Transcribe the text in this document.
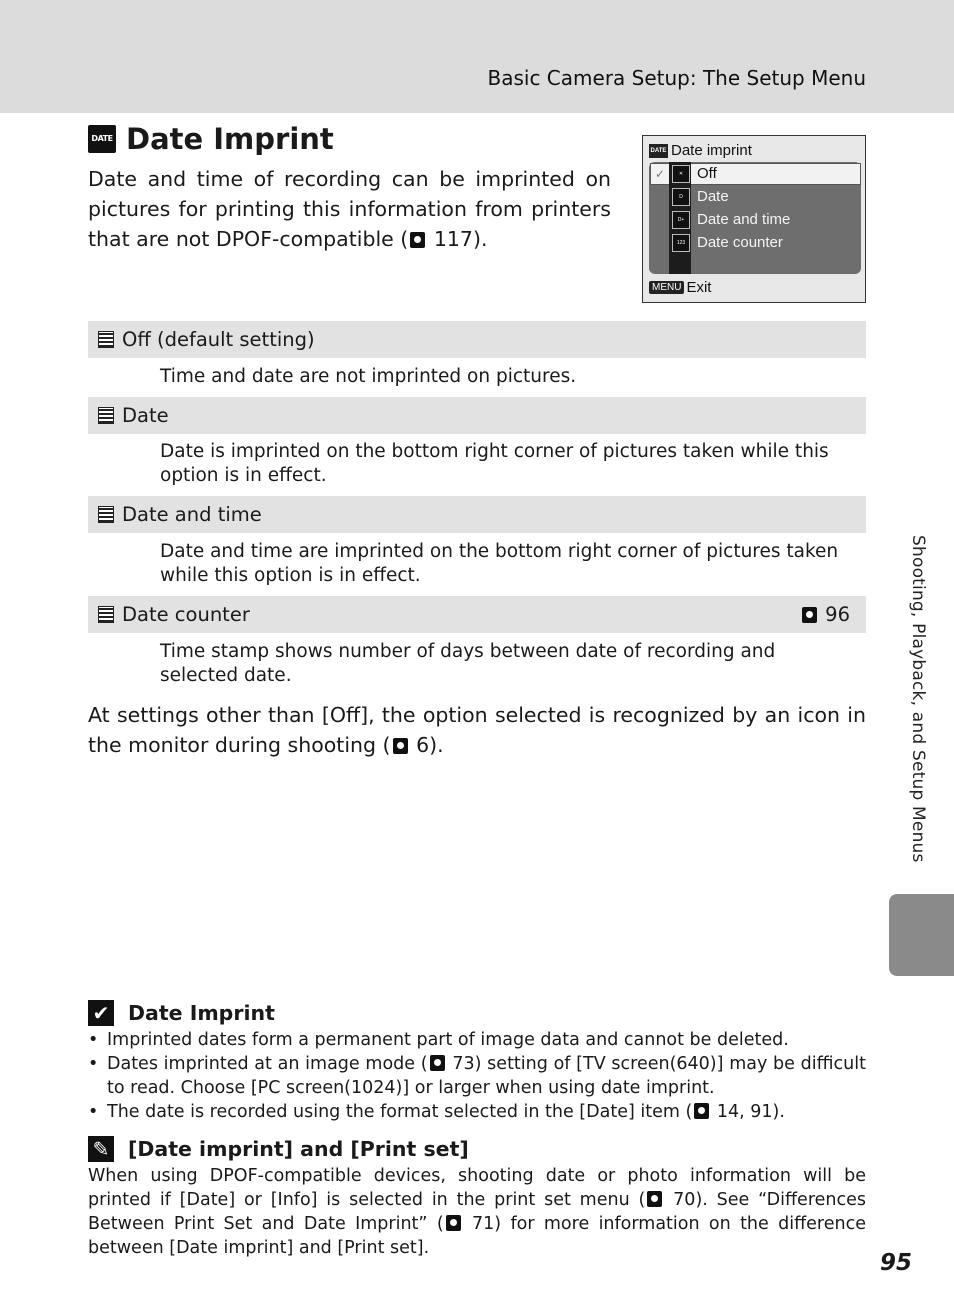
Basic Camera Setup: The Setup Menu
DATE Date Imprint
Date and time of recording can be imprinted on pictures for printing this information from printers that are not DPOF-compatible ( 117).
DATE Date imprint
✓	✕
D
D+
123
Off
Date
Date and time
Date counter
MENU Exit
Off (default setting)
Time and date are not imprinted on pictures.
Date
Date is imprinted on the bottom right corner of pictures taken while this option is in effect.
Date and time
Date and time are imprinted on the bottom right corner of pictures taken while this option is in effect.
Date counter	96
Time stamp shows number of days between date of recording and selected date.
At settings other than [Off], the option selected is recognized by an icon in the monitor during shooting ( 6).	Shooting, Playback, and Setup Menus
✔ Date Imprint
• Imprinted dates form a permanent part of image data and cannot be deleted.
• Dates imprinted at an image mode ( 73) setting of [TV screen(640)] may be difficult to read. Choose [PC screen(1024)] or larger when using date imprint.
• The date is recorded using the format selected in the [Date] item ( 14, 91).
✎ [Date imprint] and [Print set]
When using DPOF-compatible devices, shooting date or photo information will be printed if [Date] or [Info] is selected in the print set menu ( 70). See “Differences Between Print Set and Date Imprint” ( 71) for more information on the difference between [Date imprint] and [Print set].
95
